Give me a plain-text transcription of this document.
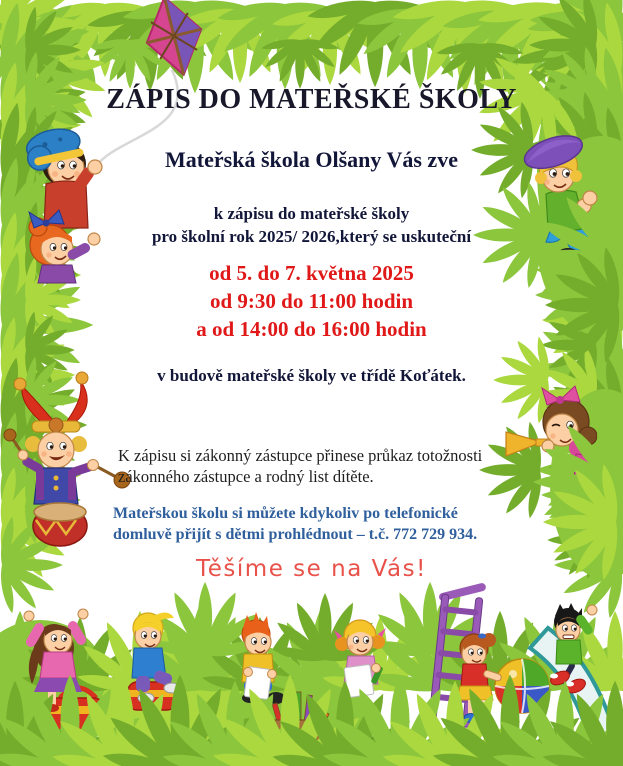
ZÁPIS DO MATEŘSKÉ ŠKOLY
Mateřská škola Olšany Vás zve
k zápisu do mateřské školy
pro školní rok 2025/ 2026,který se uskuteční
od 5. do 7. května 2025
od 9:30 do 11:00 hodin
a od 14:00 do 16:00 hodin
v budově mateřské školy ve třídě Koťátek.
K zápisu si zákonný zástupce přinese průkaz totožnosti
zákonného zástupce a rodný list dítěte.
Mateřskou školu si můžete kdykoliv po telefonické
domluvě přijít s dětmi prohlédnout – t.č. 772 729 934.
Těšíme se na Vás!
